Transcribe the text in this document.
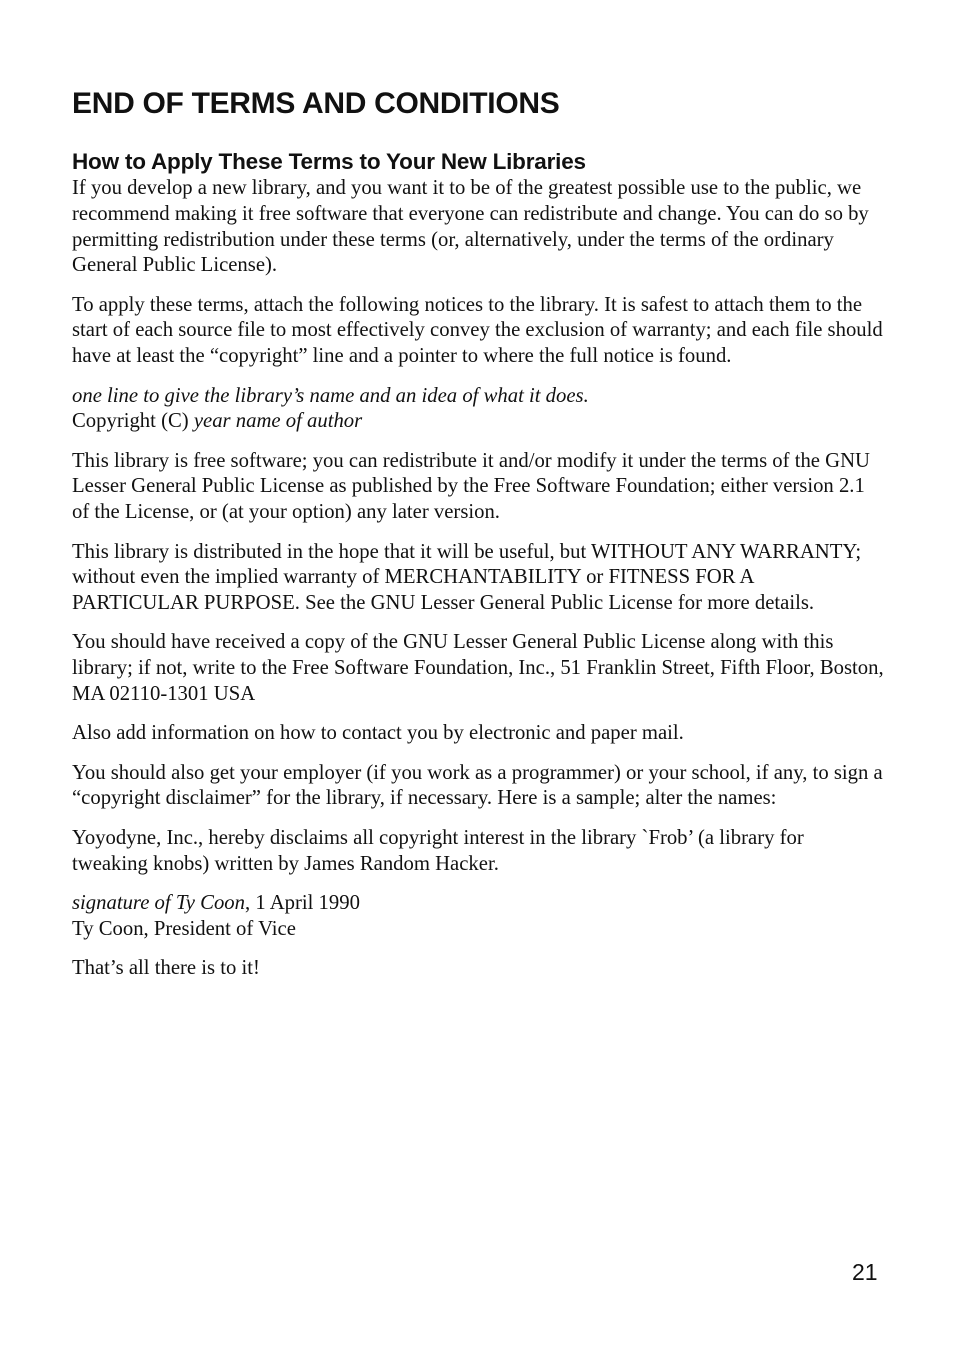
END OF TERMS AND CONDITIONS
How to Apply These Terms to Your New Libraries

If you develop a new library, and you want it to be of the greatest possible use to the public, we recommend making it free software that everyone can redistribute and change. You can do so by permitting redistribution under these terms (or, alternatively, under the terms of the ordinary General Public License).

To apply these terms, attach the following notices to the library. It is safest to attach them to the start of each source file to most effectively convey the exclusion of warranty; and each file should have at least the “copyright” line and a pointer to where the full notice is found.

one line to give the library’s name and an idea of what it does.
Copyright (C) year name of author

This library is free software; you can redistribute it and/or modify it under the terms of the GNU Lesser General Public License as published by the Free Software Foundation; either version 2.1 of the License, or (at your option) any later version.

This library is distributed in the hope that it will be useful, but WITHOUT ANY WARRANTY; without even the implied warranty of MERCHANTABILITY or FITNESS FOR A PARTICULAR PURPOSE. See the GNU Lesser General Public License for more details.

You should have received a copy of the GNU Lesser General Public License along with this library; if not, write to the Free Software Foundation, Inc., 51 Franklin Street, Fifth Floor, Boston, MA 02110-1301 USA

Also add information on how to contact you by electronic and paper mail.

You should also get your employer (if you work as a programmer) or your school, if any, to sign a “copyright disclaimer” for the library, if necessary. Here is a sample; alter the names:

Yoyodyne, Inc., hereby disclaims all copyright interest in the library `Frob’ (a library for tweaking knobs) written by James Random Hacker.

signature of Ty Coon, 1 April 1990
Ty Coon, President of Vice

That’s all there is to it!

21
